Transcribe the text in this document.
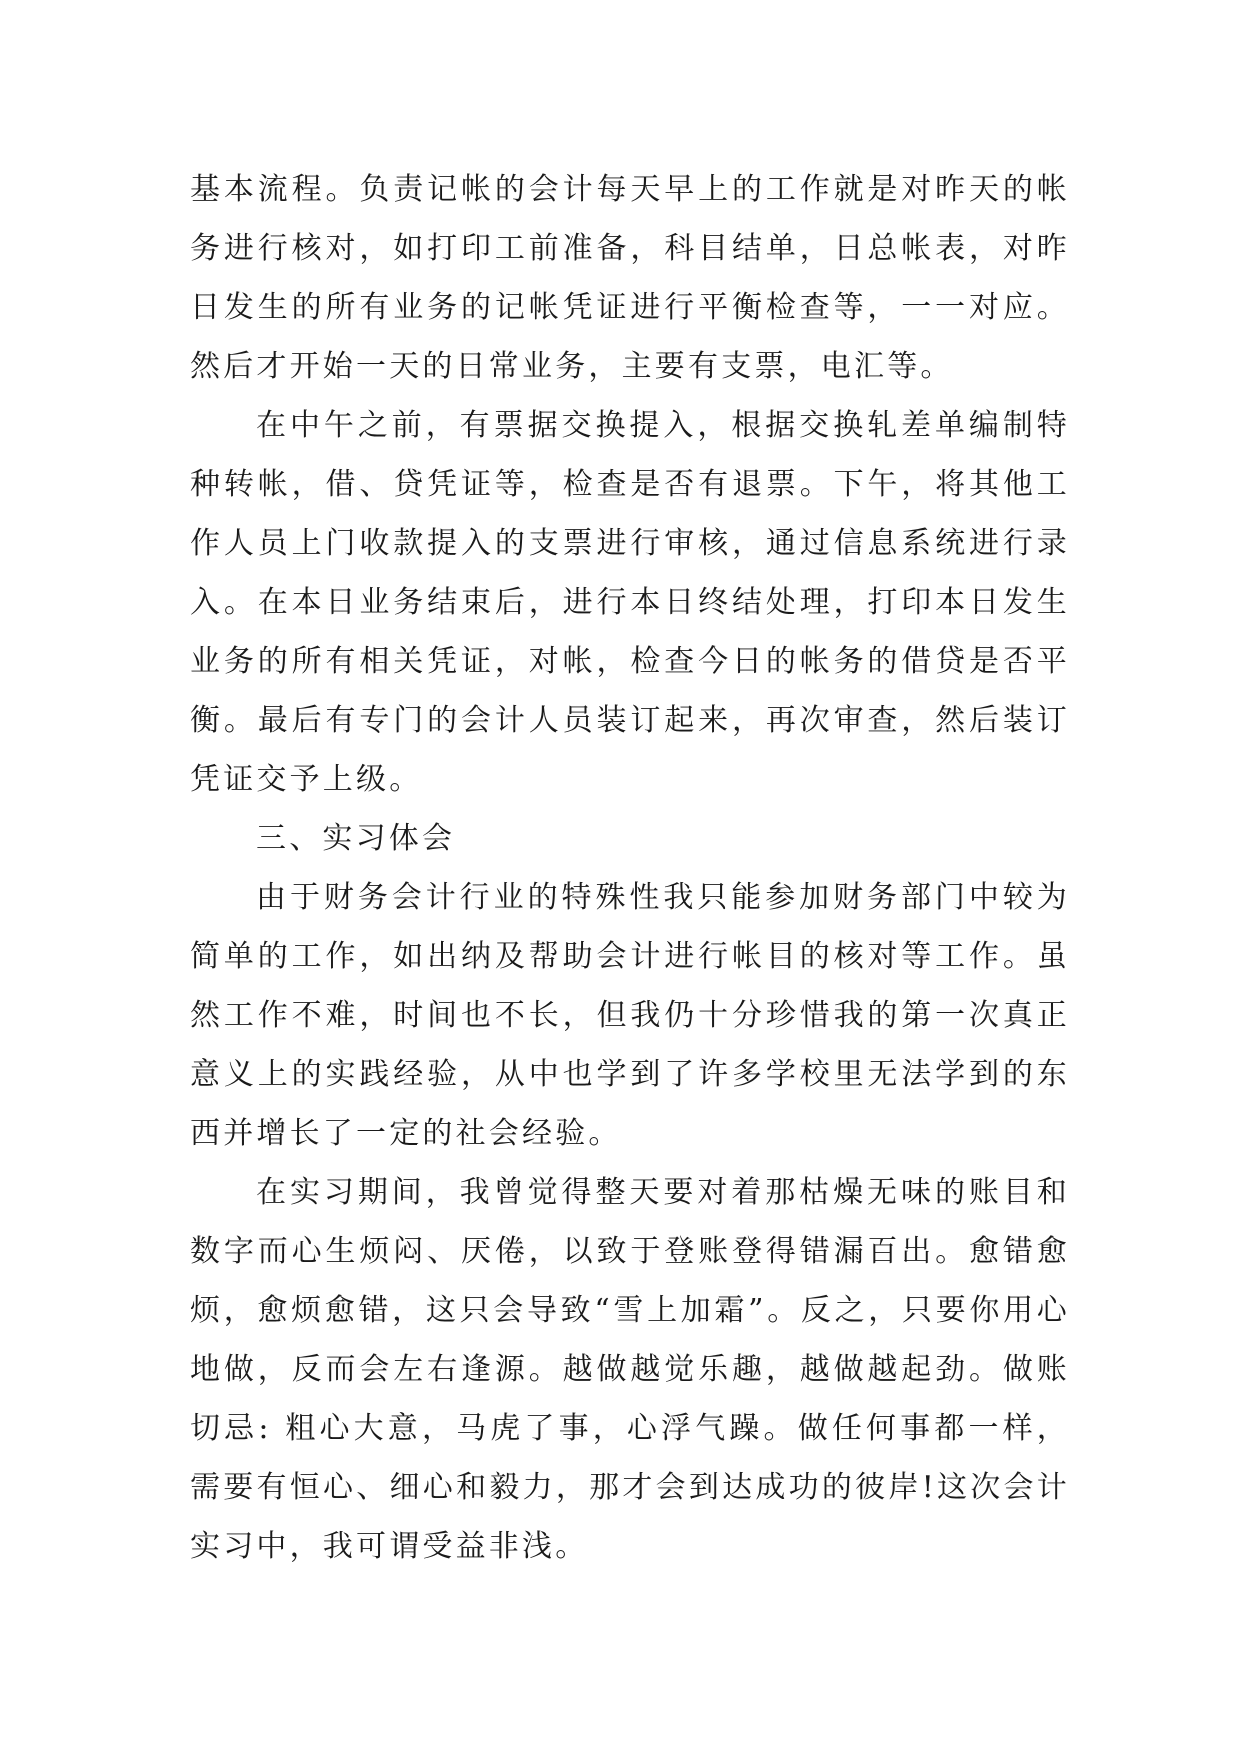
基本流程。负责记帐的会计每天早上的工作就是对昨天的帐务进行核对，如打印工前准备，科目结单，日总帐表，对昨日发生的所有业务的记帐凭证进行平衡检查等，一一对应。然后才开始一天的日常业务，主要有支票，电汇等。

在中午之前，有票据交换提入，根据交换轧差单编制特种转帐，借、贷凭证等，检查是否有退票。下午，将其他工作人员上门收款提入的支票进行审核，通过信息系统进行录入。在本日业务结束后，进行本日终结处理，打印本日发生业务的所有相关凭证，对帐，检查今日的帐务的借贷是否平衡。最后有专门的会计人员装订起来，再次审查，然后装订凭证交予上级。

三、实习体会

由于财务会计行业的特殊性我只能参加财务部门中较为简单的工作，如出纳及帮助会计进行帐目的核对等工作。虽然工作不难，时间也不长，但我仍十分珍惜我的第一次真正意义上的实践经验，从中也学到了许多学校里无法学到的东西并增长了一定的社会经验。

在实习期间，我曾觉得整天要对着那枯燥无味的账目和数字而心生烦闷、厌倦，以致于登账登得错漏百出。愈错愈烦，愈烦愈错，这只会导致“雪上加霜”。反之，只要你用心地做，反而会左右逢源。越做越觉乐趣，越做越起劲。做账切忌: 粗心大意，马虎了事，心浮气躁。做任何事都一样，需要有恒心、细心和毅力，那才会到达成功的彼岸!这次会计实习中，我可谓受益非浅。
